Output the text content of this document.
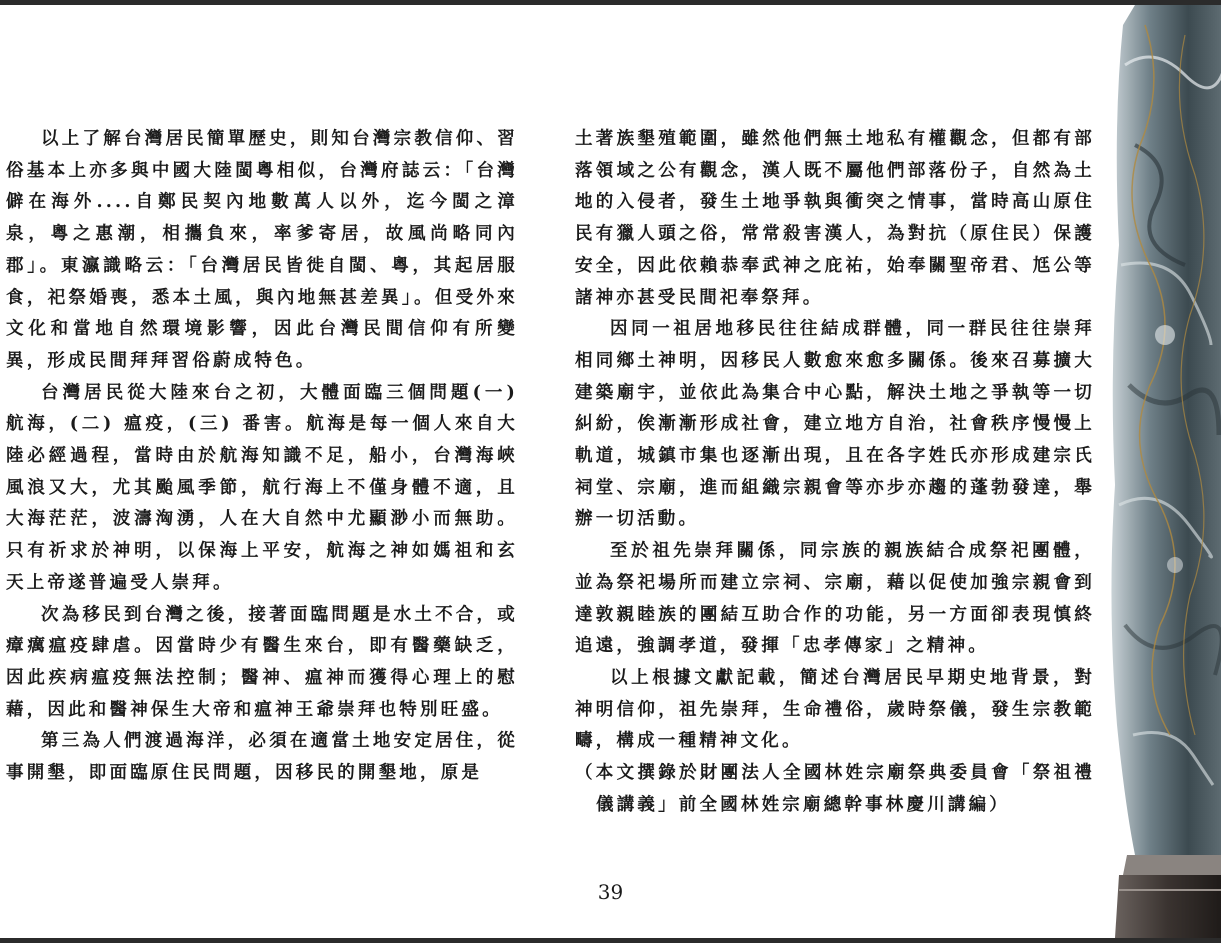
以上了解台灣居民簡單歷史，則知台灣宗教信仰、習俗基本上亦多與中國大陸閩粵相似，台灣府誌云：「台灣僻在海外....自鄭民契內地數萬人以外，迄今閩之漳泉，粵之惠潮，相攜負來，率爹寄居，故風尚略同內郡」。東瀛識略云：「台灣居民皆徙自閩、粵，其起居服食，祀祭婚喪，悉本土風，與內地無甚差異」。但受外來文化和當地自然環境影響，因此台灣民間信仰有所變異，形成民間拜拜習俗蔚成特色。

台灣居民從大陸來台之初，大體面臨三個問題(一)航海，(二) 瘟疫，(三) 番害。航海是每一個人來自大陸必經過程，當時由於航海知識不足，船小，台灣海峽風浪又大，尤其颱風季節，航行海上不僅身體不適，且大海茫茫，波濤洶湧，人在大自然中尤顯渺小而無助。只有祈求於神明，以保海上平安，航海之神如媽祖和玄天上帝遂普遍受人崇拜。

次為移民到台灣之後，接著面臨問題是水土不合，或瘴癘瘟疫肆虐。因當時少有醫生來台，即有醫藥缺乏，因此疾病瘟疫無法控制；醫神、瘟神而獲得心理上的慰藉，因此和醫神保生大帝和瘟神王爺崇拜也特別旺盛。

第三為人們渡過海洋，必須在適當土地安定居住，從事開墾，即面臨原住民問題，因移民的開墾地，原是

土著族墾殖範圍，雖然他們無土地私有權觀念，但都有部落領域之公有觀念，漢人既不屬他們部落份子，自然為土地的入侵者，發生土地爭執與衝突之情事，當時高山原住民有獵人頭之俗，常常殺害漢人，為對抗（原住民）保護安全，因此依賴恭奉武神之庇祐，始奉關聖帝君、尪公等諸神亦甚受民間祀奉祭拜。

因同一祖居地移民往往結成群體，同一群民往往崇拜相同鄉土神明，因移民人數愈來愈多關係。後來召募擴大建築廟宇，並依此為集合中心點，解決土地之爭執等一切糾紛，俟漸漸形成社會，建立地方自治，社會秩序慢慢上軌道，城鎮市集也逐漸出現，且在各字姓氏亦形成建宗氏祠堂、宗廟，進而組織宗親會等亦步亦趨的蓬勃發達，舉辦一切活動。

至於祖先崇拜關係，同宗族的親族結合成祭祀團體，並為祭祀場所而建立宗祠、宗廟，藉以促使加強宗親會到達敦親睦族的團結互助合作的功能，另一方面卻表現慎終追遠，強調孝道，發揮「忠孝傳家」之精神。

以上根據文獻記載，簡述台灣居民早期史地背景，對神明信仰，祖先崇拜，生命禮俗，歲時祭儀，發生宗教範疇，構成一種精神文化。

（本文撰錄於財團法人全國林姓宗廟祭典委員會「祭祖禮儀講義」前全國林姓宗廟總幹事林慶川講編）

39
